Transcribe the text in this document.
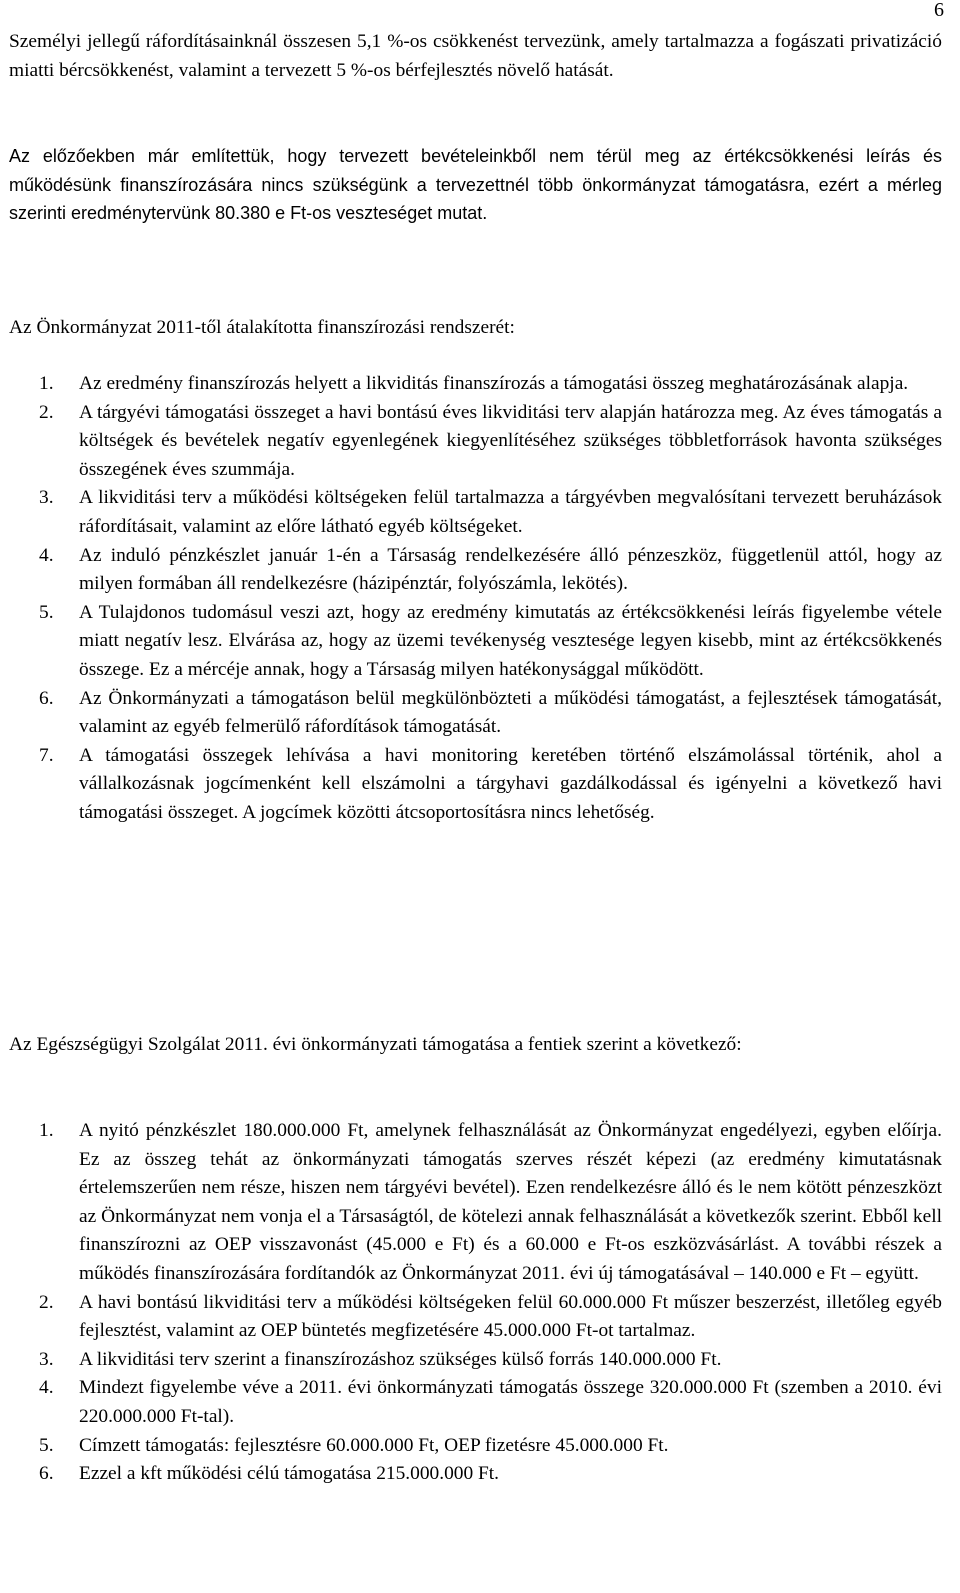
6

Személyi jellegű ráfordításainknál összesen 5,1 %-os csökkenést tervezünk, amely tartalmazza a fogászati privatizáció miatti bércsökkenést, valamint a tervezett 5 %-os bérfejlesztés növelő hatását.

Az előzőekben már említettük, hogy tervezett bevételeinkből nem térül meg az értékcsökkenési leírás és működésünk finanszírozására nincs szükségünk a tervezettnél több önkormányzat támogatásra, ezért a mérleg szerinti eredménytervünk 80.380 e Ft-os veszteséget mutat.

Az Önkormányzat 2011-től átalakította finanszírozási rendszerét:

1. Az eredmény finanszírozás helyett a likviditás finanszírozás a támogatási összeg meghatározásának alapja.
2. A tárgyévi támogatási összeget a havi bontású éves likviditási terv alapján határozza meg. Az éves támogatás a költségek és bevételek negatív egyenlegének kiegyenlítéséhez szükséges többletforrások havonta szükséges összegének éves szummája.
3. A likviditási terv a működési költségeken felül tartalmazza a tárgyévben megvalósítani tervezett beruházások ráfordításait, valamint az előre látható egyéb költségeket.
4. Az induló pénzkészlet január 1-én a Társaság rendelkezésére álló pénzeszköz, függetlenül attól, hogy az milyen formában áll rendelkezésre (házipénztár, folyószámla, lekötés).
5. A Tulajdonos tudomásul veszi azt, hogy az eredmény kimutatás az értékcsökkenési leírás figyelembe vétele miatt negatív lesz. Elvárása az, hogy az üzemi tevékenység vesztesége legyen kisebb, mint az értékcsökkenés összege. Ez a mércéje annak, hogy a Társaság milyen hatékonysággal működött.
6. Az Önkormányzati a támogatáson belül megkülönbözteti a működési támogatást, a fejlesztések támogatását, valamint az egyéb felmerülő ráfordítások támogatását.
7. A támogatási összegek lehívása a havi monitoring keretében történő elszámolással történik, ahol a vállalkozásnak jogcímenként kell elszámolni a tárgyhavi gazdálkodással és igényelni a következő havi támogatási összeget. A jogcímek közötti átcsoportosításra nincs lehetőség.

Az Egészségügyi Szolgálat 2011. évi önkormányzati támogatása a fentiek szerint a következő:

1. A nyitó pénzkészlet 180.000.000 Ft, amelynek felhasználását az Önkormányzat engedélyezi, egyben előírja. Ez az összeg tehát az önkormányzati támogatás szerves részét képezi (az eredmény kimutatásnak értelemszerűen nem része, hiszen nem tárgyévi bevétel). Ezen rendelkezésre álló és le nem kötött pénzeszközt az Önkormányzat nem vonja el a Társaságtól, de kötelezi annak felhasználását a következők szerint. Ebből kell finanszírozni az OEP visszavonást (45.000 e Ft) és a 60.000 e Ft-os eszközvásárlást. A további részek a működés finanszírozására fordítandók az Önkormányzat 2011. évi új támogatásával – 140.000 e Ft – együtt.
2. A havi bontású likviditási terv a működési költségeken felül 60.000.000 Ft műszer beszerzést, illetőleg egyéb fejlesztést, valamint az OEP büntetés megfizetésére 45.000.000 Ft-ot tartalmaz.
3. A likviditási terv szerint a finanszírozáshoz szükséges külső forrás 140.000.000 Ft.
4. Mindezt figyelembe véve a 2011. évi önkormányzati támogatás összege 320.000.000 Ft (szemben a 2010. évi 220.000.000 Ft-tal).
5. Címzett támogatás: fejlesztésre 60.000.000 Ft, OEP fizetésre 45.000.000 Ft.
6. Ezzel a kft működési célú támogatása 215.000.000 Ft.
